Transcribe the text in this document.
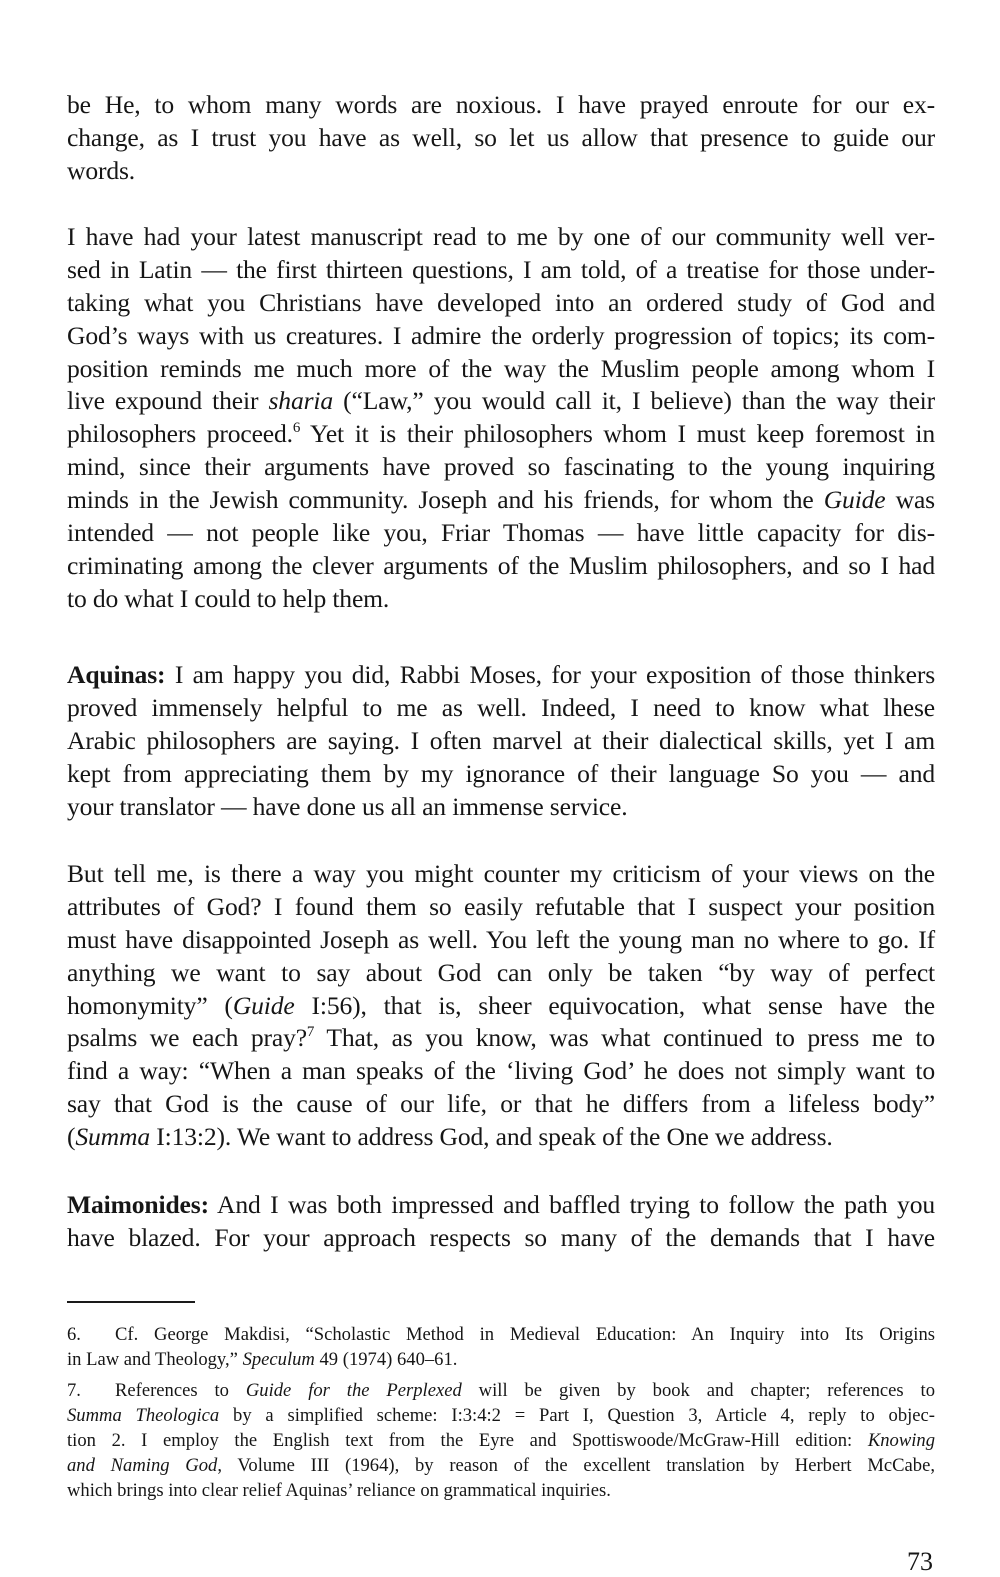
be He, to whom many words are noxious. I have prayed enroute for our ex-
change, as I trust you have as well, so let us allow that presence to guide our
words.
I have had your latest manuscript read to me by one of our community well ver-
sed in Latin — the first thirteen questions, I am told, of a treatise for those under-
taking what you Christians have developed into an ordered study of God and
God’s ways with us creatures. I admire the orderly progression of topics; its com-
position reminds me much more of the way the Muslim people among whom I
live expound their sharia (“Law,” you would call it, I believe) than the way their
philosophers proceed.$^6$ Yet it is their philosophers whom I must keep foremost in
mind, since their arguments have proved so fascinating to the young inquiring
minds in the Jewish community. Joseph and his friends, for whom the Guide was
intended — not people like you, Friar Thomas — have little capacity for dis-
criminating among the clever arguments of the Muslim philosophers, and so I had
to do what I could to help them.
Aquinas: I am happy you did, Rabbi Moses, for your exposition of those thinkers
proved immensely helpful to me as well. Indeed, I need to know what lhese
Arabic philosophers are saying. I often marvel at their dialectical skills, yet I am
kept from appreciating them by my ignorance of their language So you — and
your translator — have done us all an immense service.
But tell me, is there a way you might counter my criticism of your views on the
attributes of God? I found them so easily refutable that I suspect your position
must have disappointed Joseph as well. You left the young man no where to go. If
anything we want to say about God can only be taken “by way of perfect
homonymity” (Guide I:56), that is, sheer equivocation, what sense have the
psalms we each pray?$^7$ That, as you know, was what continued to press me to
find a way: “When a man speaks of the ‘living God’ he does not simply want to
say that God is the cause of our life, or that he differs from a lifeless body”
(Summa I:13:2). We want to address God, and speak of the One we address.
Maimonides: And I was both impressed and baffled trying to follow the path you
have blazed. For your approach respects so many of the demands that I have
6. Cf. George Makdisi, “Scholastic Method in Medieval Education: An Inquiry into Its Origins
in Law and Theology,” Speculum 49 (1974) 640–61.
7. References to Guide for the Perplexed will be given by book and chapter; references to
Summa Theologica by a simplified scheme: I:3:4:2 = Part I, Question 3, Article 4, reply to objec-
tion 2. I employ the English text from the Eyre and Spottiswoode/McGraw-Hill edition: Knowing
and Naming God, Volume III (1964), by reason of the excellent translation by Herbert McCabe,
which brings into clear relief Aquinas’ reliance on grammatical inquiries.
73
